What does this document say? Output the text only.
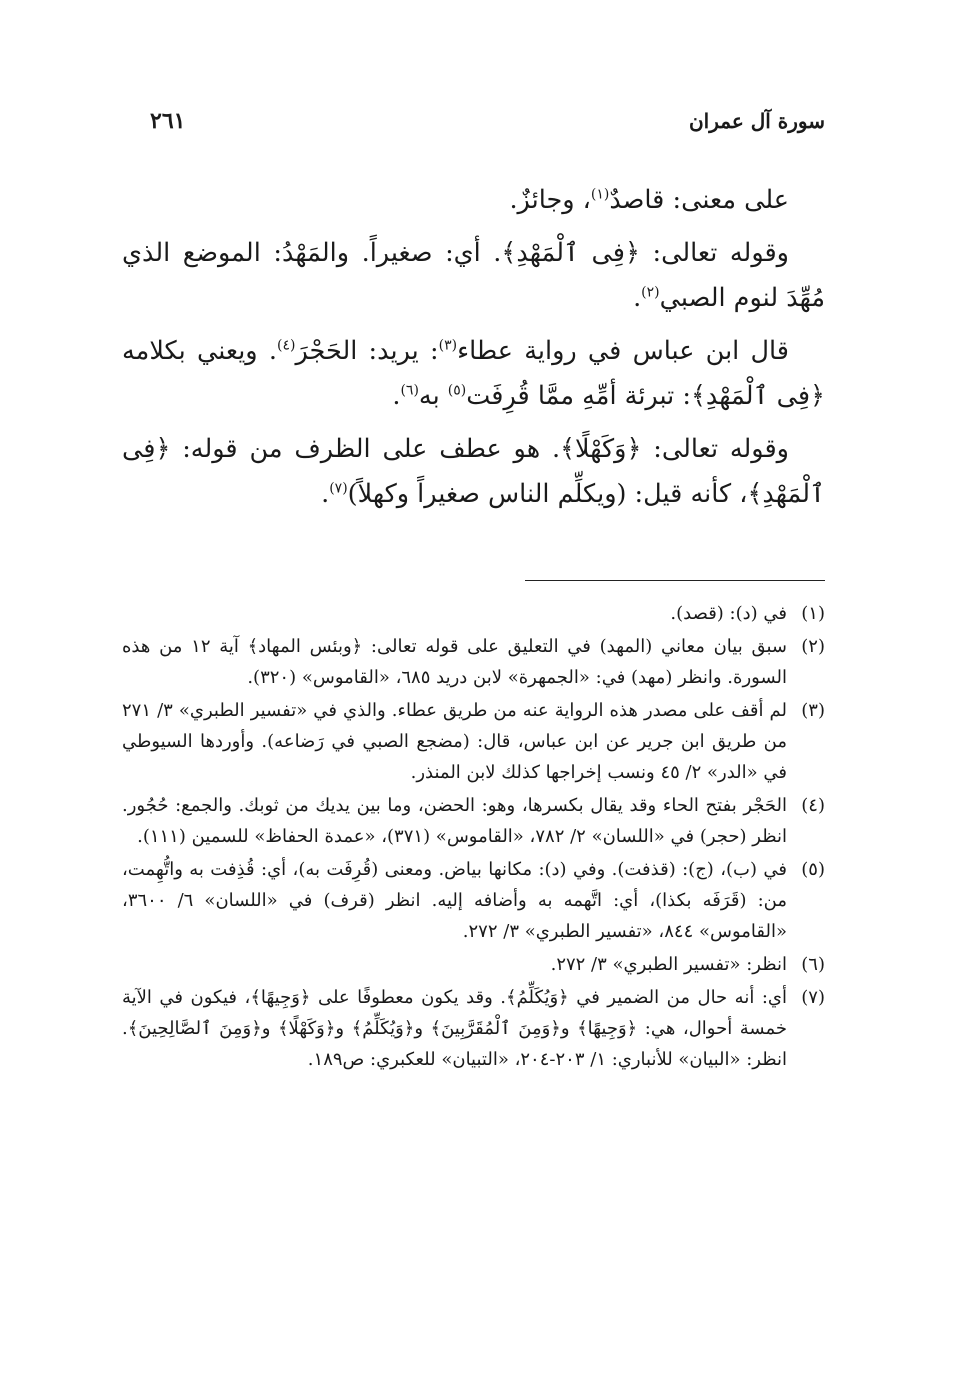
سورة آل عمران
٢٦١

على معنى: قاصدٌ$^{(١)}$، وجائزٌ.

وقوله تعالى: ﴿فِى ٱلْمَهْدِ﴾. أي: صغيراً. والمَهْدُ: الموضع الذي مُهِّدَ لنوم الصبي$^{(٢)}$.

قال ابن عباس في رواية عطاء$^{(٣)}$: يريد: الحَجْرَ$^{(٤)}$. ويعني بكلامه ﴿فِى ٱلْمَهْدِ﴾: تبرئة أمِّهِ ممَّا قُرِفَت$^{(٥)}$ به$^{(٦)}$.

وقوله تعالى: ﴿وَكَهْلًا﴾. هو عطف على الظرف من قوله: ﴿فِى ٱلْمَهْدِ﴾، كأنه قيل: (ويكلِّم الناس صغيراً وكهلاً)$^{(٧)}$.

(١)
في (د): (قصد).
(٢)
سبق بيان معاني (المهد) في التعليق على قوله تعالى: ﴿وبئس المهاد﴾ آية ١٢ من هذه السورة. وانظر (مهد) في: «الجمهرة» لابن دريد ٦٨٥، «القاموس» (٣٢٠).
(٣)
لم أقف على مصدر هذه الرواية عنه من طريق عطاء. والذي في «تفسير الطبري» ٣/ ٢٧١ من طريق ابن جرير عن ابن عباس، قال: (مضجع الصبي في رَضاعه). وأوردها السيوطي في «الدر» ٢/ ٤٥ ونسب إخراجها كذلك لابن المنذر.
(٤)
الحَجْر بفتح الحاء وقد يقال بكسرها، وهو: الحضن، وما بين يديك من ثوبك. والجمع: حُجُور. انظر (حجر) في «اللسان» ٢/ ٧٨٢، «القاموس» (٣٧١)، «عمدة الحفاظ» للسمين (١١١).
(٥)
في (ب)، (ج): (قذفت). وفي (د): مكانها بياض. ومعنى (قُرِفَت به)، أي: قُذِفت به واتُّهِمت، من: (قَرَفَه بكذا)، أي: اتَّهمه به وأضافه إليه. انظر (قرف) في «اللسان» ٦/ ٣٦٠٠، «القاموس» ٨٤٤، «تفسير الطبري» ٣/ ٢٧٢.
(٦)
انظر: «تفسير الطبري» ٣/ ٢٧٢.
(٧)
أي: أنه حال من الضمير في ﴿وَيُكَلِّمُ﴾. وقد يكون معطوفًا على ﴿وَجِيهًا﴾، فيكون في الآية خمسة أحوال، هي: ﴿وَجِيهًا﴾ و﴿وَمِنَ ٱلْمُقَرَّبِينَ﴾ و﴿وَيُكَلِّمُ﴾ و﴿وَكَهْلًا﴾ و﴿وَمِنَ ٱلصَّالِحِينَ﴾. انظر: «البيان» للأنباري: ١/ ٢٠٣-٢٠٤، «التبيان» للعكبري: ص١٨٩.
